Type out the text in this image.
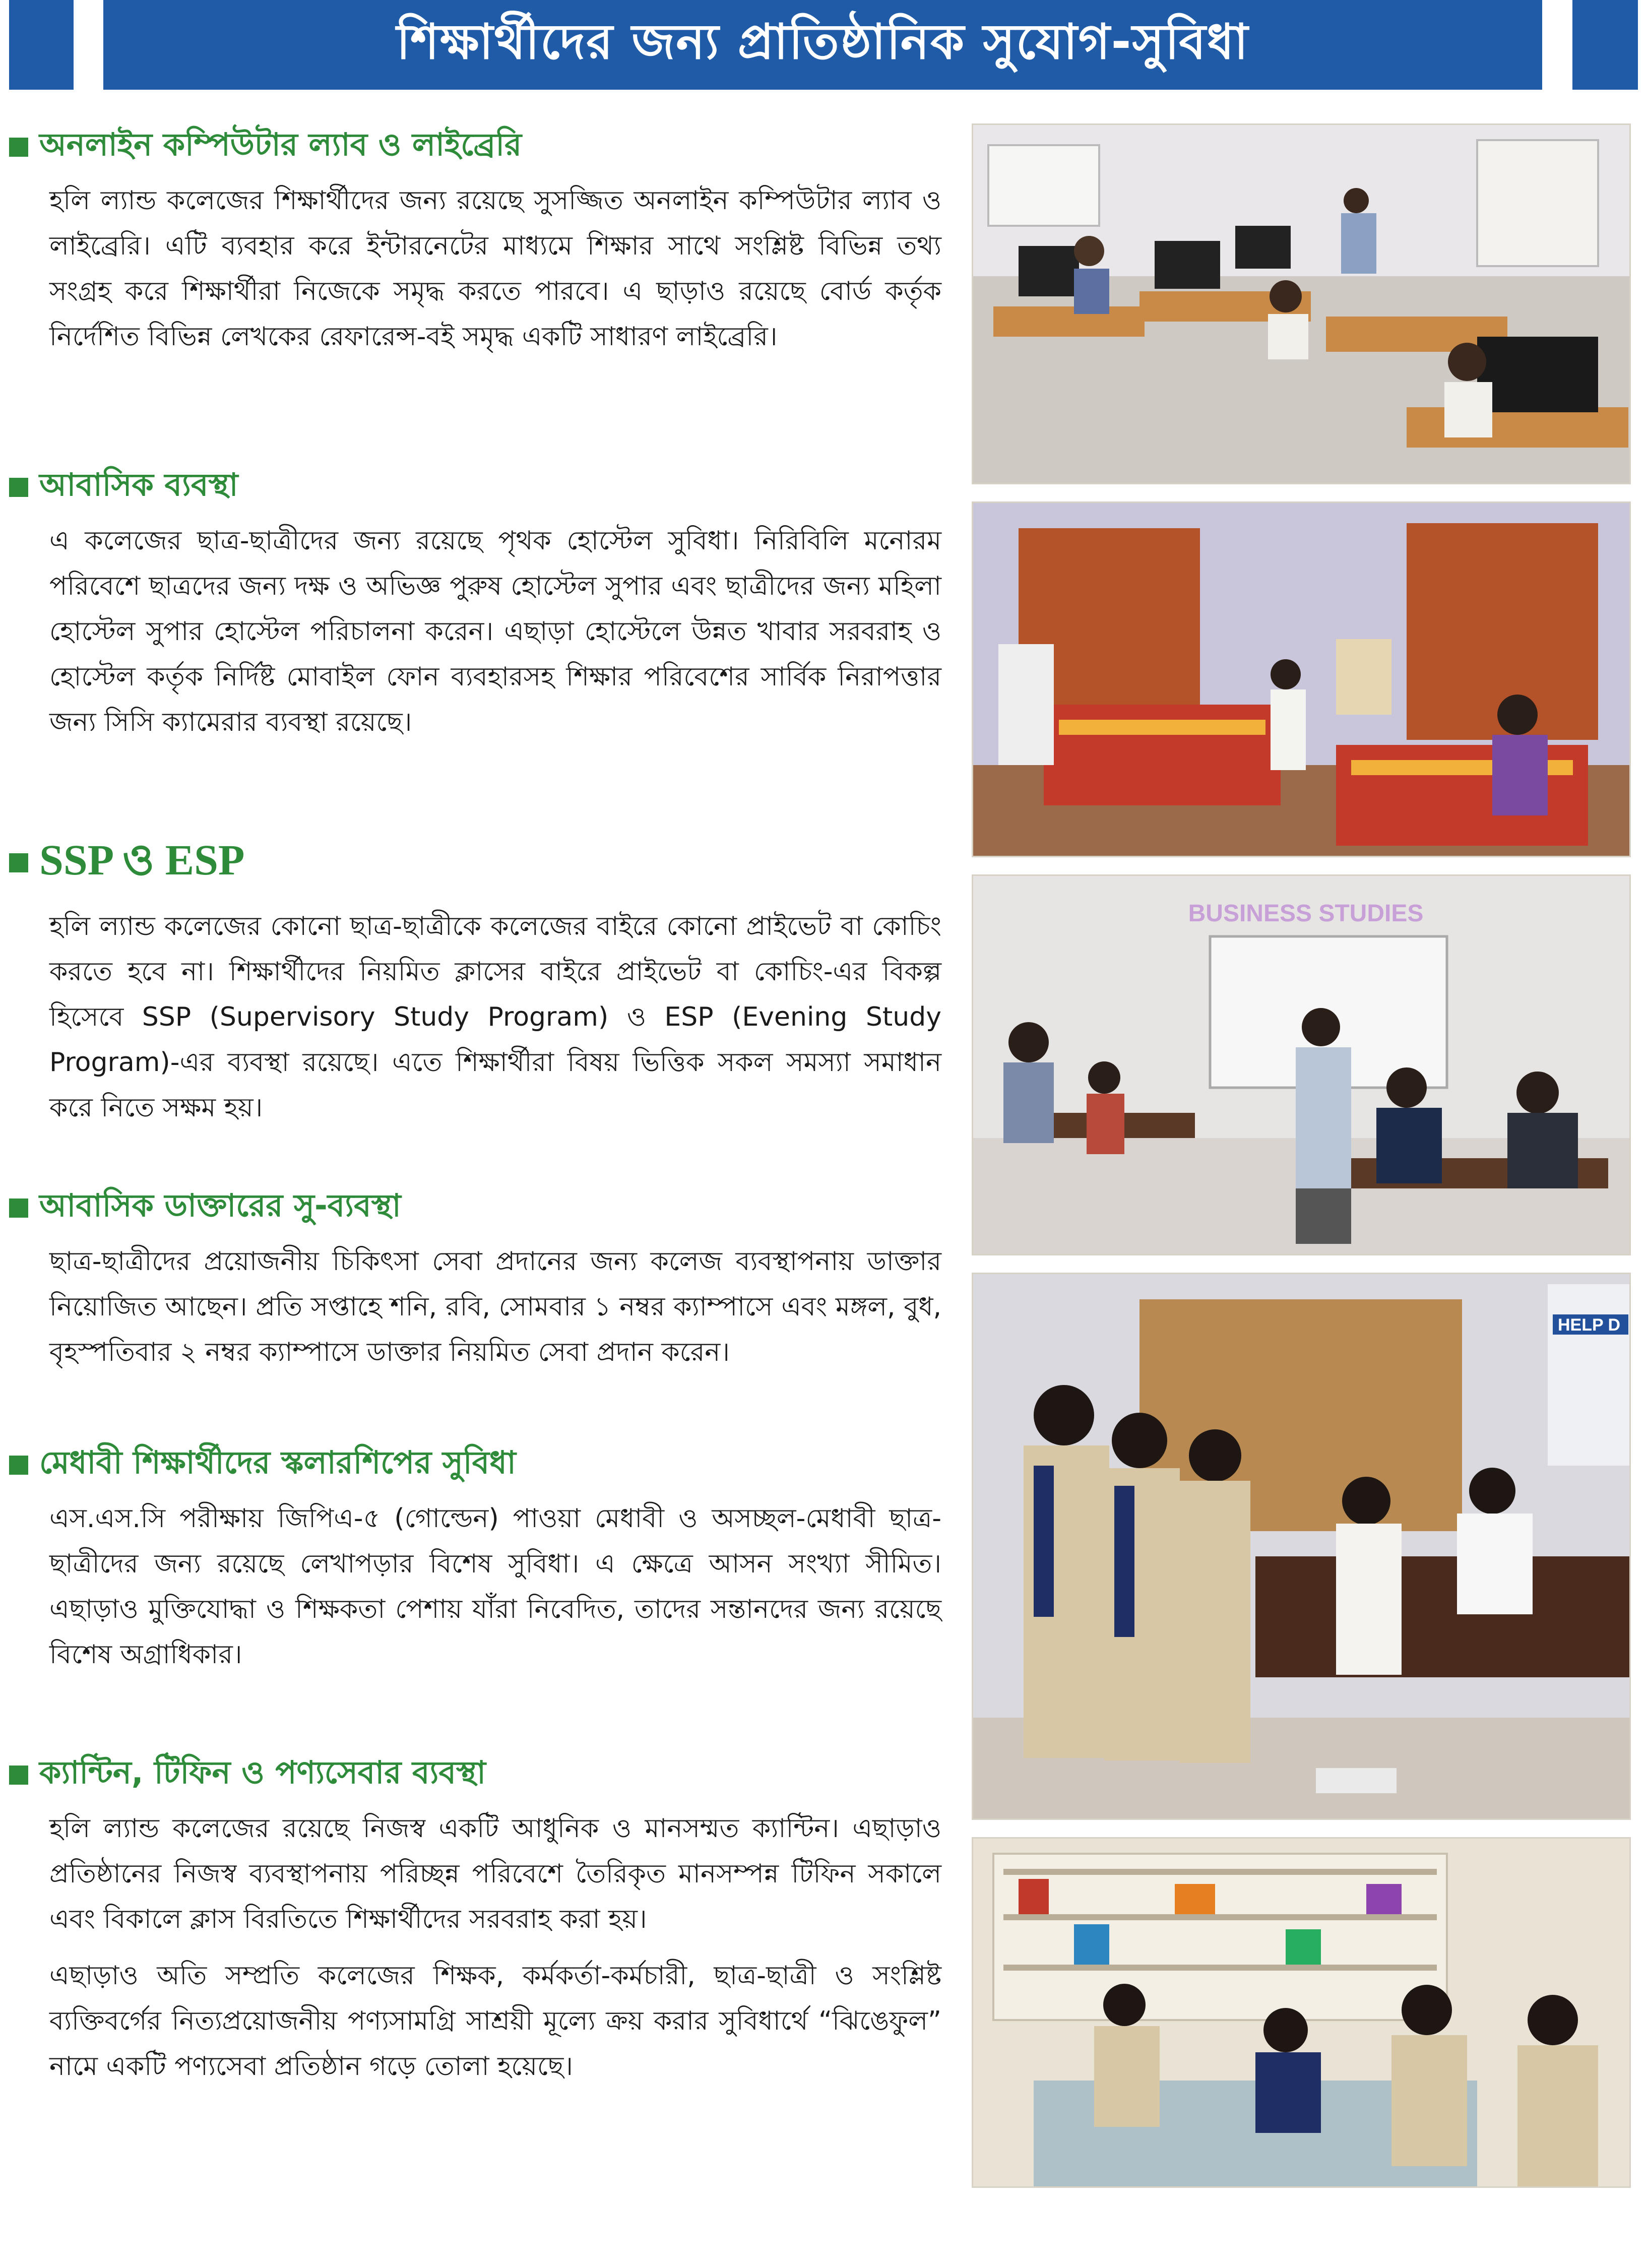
শিক্ষার্থীদের জন্য প্রাতিষ্ঠানিক সুযোগ-সুবিধা
অনলাইন কম্পিউটার ল্যাব ও লাইব্রেরি

হলি ল্যান্ড কলেজের শিক্ষার্থীদের জন্য রয়েছে সুসজ্জিত অনলাইন কম্পিউটার ল্যাব ও লাইব্রেরি। এটি ব্যবহার করে ইন্টারনেটের মাধ্যমে শিক্ষার সাথে সংশ্লিষ্ট বিভিন্ন তথ্য সংগ্রহ করে শিক্ষার্থীরা নিজেকে সমৃদ্ধ করতে পারবে। এ ছাড়াও রয়েছে বোর্ড কর্তৃক নির্দেশিত বিভিন্ন লেখকের রেফারেন্স-বই সমৃদ্ধ একটি সাধারণ লাইব্রেরি।

আবাসিক ব্যবস্থা

এ কলেজের ছাত্র-ছাত্রীদের জন্য রয়েছে পৃথক হোস্টেল সুবিধা। নিরিবিলি মনোরম পরিবেশে ছাত্রদের জন্য দক্ষ ও অভিজ্ঞ পুরুষ হোস্টেল সুপার এবং ছাত্রীদের জন্য মহিলা হোস্টেল সুপার হোস্টেল পরিচালনা করেন। এছাড়া হোস্টেলে উন্নত খাবার সরবরাহ ও হোস্টেল কর্তৃক নির্দিষ্ট মোবাইল ফোন ব্যবহারসহ শিক্ষার পরিবেশের সার্বিক নিরাপত্তার জন্য সিসি ক্যামেরার ব্যবস্থা রয়েছে।

SSP ও ESP

হলি ল্যান্ড কলেজের কোনো ছাত্র-ছাত্রীকে কলেজের বাইরে কোনো প্রাইভেট বা কোচিং করতে হবে না। শিক্ষার্থীদের নিয়মিত ক্লাসের বাইরে প্রাইভেট বা কোচিং-এর বিকল্প হিসেবে SSP (Supervisory Study Program) ও ESP (Evening Study Program)-এর ব্যবস্থা রয়েছে। এতে শিক্ষার্থীরা বিষয় ভিত্তিক সকল সমস্যা সমাধান করে নিতে সক্ষম হয়।

আবাসিক ডাক্তারের সু-ব্যবস্থা

ছাত্র-ছাত্রীদের প্রয়োজনীয় চিকিৎসা সেবা প্রদানের জন্য কলেজ ব্যবস্থাপনায় ডাক্তার নিয়োজিত আছেন। প্রতি সপ্তাহে শনি, রবি, সোমবার ১ নম্বর ক্যাম্পাসে এবং মঙ্গল, বুধ, বৃহস্পতিবার ২ নম্বর ক্যাম্পাসে ডাক্তার নিয়মিত সেবা প্রদান করেন।

মেধাবী শিক্ষার্থীদের স্কলারশিপের সুবিধা

এস.এস.সি পরীক্ষায় জিপিএ-৫ (গোল্ডেন) পাওয়া মেধাবী ও অসচ্ছল-মেধাবী ছাত্র-ছাত্রীদের জন্য রয়েছে লেখাপড়ার বিশেষ সুবিধা। এ ক্ষেত্রে আসন সংখ্যা সীমিত। এছাড়াও মুক্তিযোদ্ধা ও শিক্ষকতা পেশায় যাঁরা নিবেদিত, তাদের সন্তানদের জন্য রয়েছে বিশেষ অগ্রাধিকার।

ক্যান্টিন, টিফিন ও পণ্যসেবার ব্যবস্থা

হলি ল্যান্ড কলেজের রয়েছে নিজস্ব একটি আধুনিক ও মানসম্মত ক্যান্টিন। এছাড়াও প্রতিষ্ঠানের নিজস্ব ব্যবস্থাপনায় পরিচ্ছন্ন পরিবেশে তৈরিকৃত মানসম্পন্ন টিফিন সকালে এবং বিকালে ক্লাস বিরতিতে শিক্ষার্থীদের সরবরাহ করা হয়।

এছাড়াও অতি সম্প্রতি কলেজের শিক্ষক, কর্মকর্তা-কর্মচারী, ছাত্র-ছাত্রী ও সংশ্লিষ্ট ব্যক্তিবর্গের নিত্যপ্রয়োজনীয় পণ্যসামগ্রি সাশ্রয়ী মূল্যে ক্রয় করার সুবিধার্থে “ঝিঙেফুল” নামে একটি পণ্যসেবা প্রতিষ্ঠান গড়ে তোলা হয়েছে।

BUSINESS STUDIES
HELP D
